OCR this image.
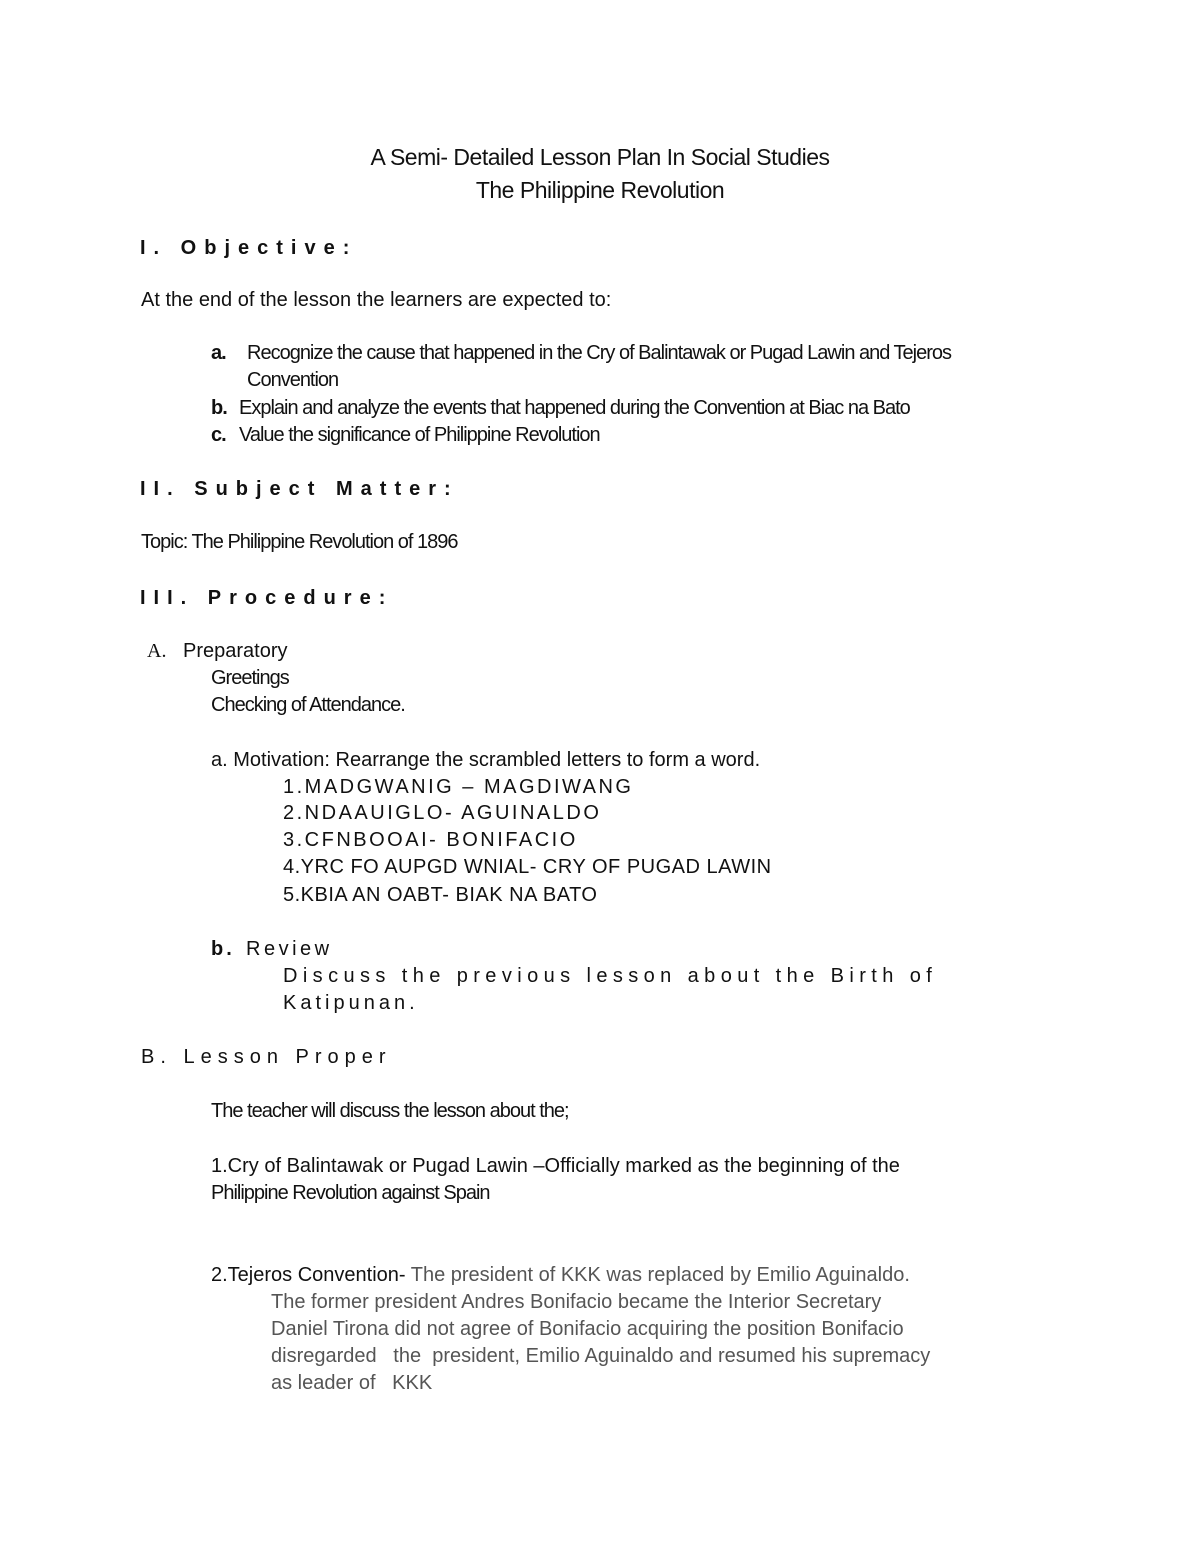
A Semi- Detailed Lesson Plan In Social Studies
The Philippine Revolution
I. Objective:
At the end of the lesson the learners are expected to:
a. Recognize the cause that happened in the Cry of Balintawak or Pugad Lawin and Tejeros
Convention
b. Explain and analyze the events that happened during the Convention at Biac na Bato
c. Value the significance of Philippine Revolution
II. Subject Matter:
Topic: The Philippine Revolution of 1896
III. Procedure:
A. Preparatory
Greetings
Checking of Attendance.
a. Motivation: Rearrange the scrambled letters to form a word.
1.MADGWANIG – MAGDIWANG
2.NDAAUIGLO- AGUINALDO
3.CFNBOOAI- BONIFACIO
4.YRC FO AUPGD WNIAL- CRY OF PUGAD LAWIN
5.KBIA AN OABT- BIAK NA BATO
b. Review
Discuss the previous lesson about the Birth of
Katipunan.
B. Lesson Proper
The teacher will discuss the lesson about the;
1.Cry of Balintawak or Pugad Lawin –Officially marked as the beginning of the
Philippine Revolution against Spain
2.Tejeros Convention- The president of KKK was replaced by Emilio Aguinaldo.
The former president Andres Bonifacio became the Interior Secretary
Daniel Tirona did not agree of Bonifacio acquiring the position Bonifacio
disregarded   the  president, Emilio Aguinaldo and resumed his supremacy
as leader of   KKK
